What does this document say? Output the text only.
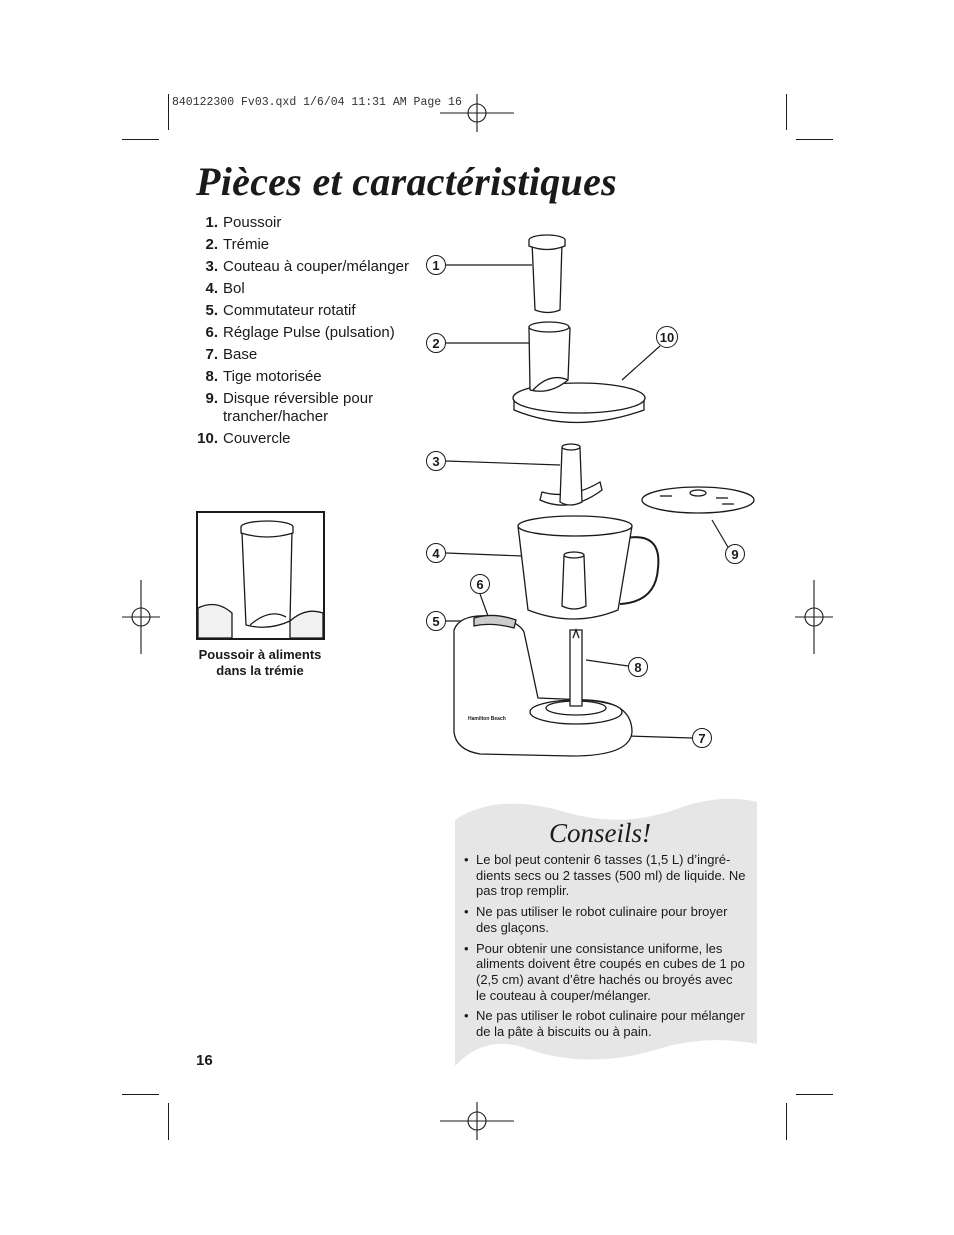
840122300 Fv03.qxd 1/6/04 11:31 AM Page 16
Pièces et caractéristiques
1. Poussoir
2. Trémie
3. Couteau à couper/mélanger
4. Bol
5. Commutateur rotatif
6. Réglage Pulse (pulsation)
7. Base
8. Tige motorisée
9. Disque réversible pour trancher/hacher
10. Couvercle
Poussoir à aliments dans la trémie
Hamilton Beach
1
2
3
4
5
6
7
8
9
10
Conseils!
• Le bol peut contenir 6 tasses (1,5 L) d’ingré-dients secs ou 2 tasses (500 ml) de liquide. Ne pas trop remplir.
• Ne pas utiliser le robot culinaire pour broyer des glaçons.
• Pour obtenir une consistance uniforme, les aliments doivent être coupés en cubes de 1 po (2,5 cm) avant d’être hachés ou broyés avec le couteau à couper/mélanger.
• Ne pas utiliser le robot culinaire pour mélanger de la pâte à biscuits ou à pain.
16
